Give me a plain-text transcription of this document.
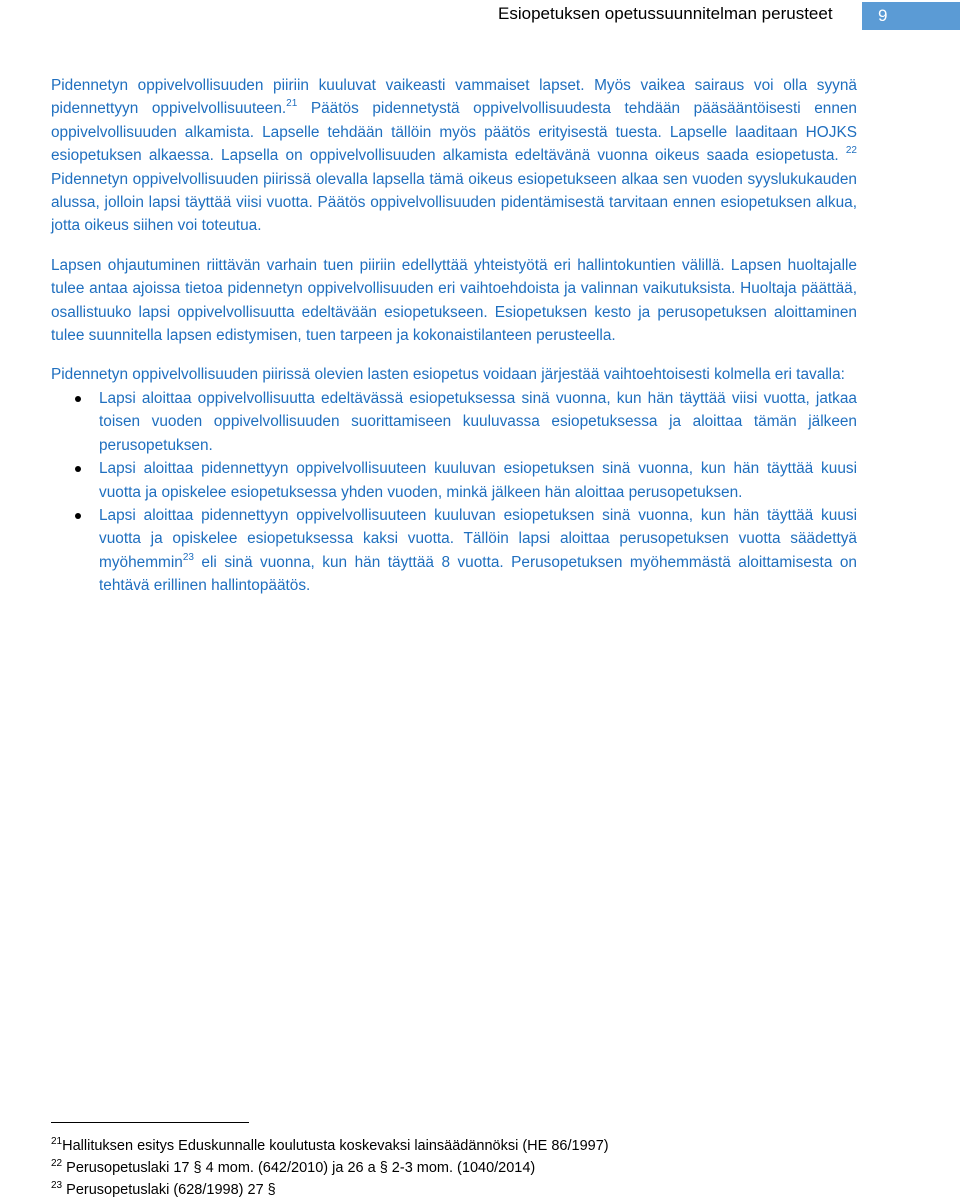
Esiopetuksen opetussuunnitelman perusteet	9

Pidennetyn oppivelvollisuuden piiriin kuuluvat vaikeasti vammaiset lapset. Myös vaikea sairaus voi olla syynä pidennettyyn oppivelvollisuuteen.$^{21}$ Päätös pidennetystä oppivelvollisuudesta tehdään pääsääntöisesti ennen oppivelvollisuuden alkamista. Lapselle tehdään tällöin myös päätös erityisestä tuesta. Lapselle laaditaan HOJKS esiopetuksen alkaessa. Lapsella on oppivelvollisuuden alkamista edeltävänä vuonna oikeus saada esiopetusta. $^{22}$ Pidennetyn oppivelvollisuuden piirissä olevalla lapsella tämä oikeus esiopetukseen alkaa sen vuoden syyslukukauden alussa, jolloin lapsi täyttää viisi vuotta. Päätös oppivelvollisuuden pidentämisestä tarvitaan ennen esiopetuksen alkua, jotta oikeus siihen voi toteutua.

Lapsen ohjautuminen riittävän varhain tuen piiriin edellyttää yhteistyötä eri hallintokuntien välillä. Lapsen huoltajalle tulee antaa ajoissa tietoa pidennetyn oppivelvollisuuden eri vaihtoehdoista ja valinnan vaikutuksista. Huoltaja päättää, osallistuuko lapsi oppivelvollisuutta edeltävään esiopetukseen. Esiopetuksen kesto ja perusopetuksen aloittaminen tulee suunnitella lapsen edistymisen, tuen tarpeen ja kokonaistilanteen perusteella.

Pidennetyn oppivelvollisuuden piirissä olevien lasten esiopetus voidaan järjestää vaihtoehtoisesti kolmella eri tavalla:

Lapsi aloittaa oppivelvollisuutta edeltävässä esiopetuksessa sinä vuonna, kun hän täyttää viisi vuotta, jatkaa toisen vuoden oppivelvollisuuden suorittamiseen kuuluvassa esiopetuksessa ja aloittaa tämän jälkeen perusopetuksen.
Lapsi aloittaa pidennettyyn oppivelvollisuuteen kuuluvan esiopetuksen sinä vuonna, kun hän täyttää kuusi vuotta ja opiskelee esiopetuksessa yhden vuoden, minkä jälkeen hän aloittaa perusopetuksen.
Lapsi aloittaa pidennettyyn oppivelvollisuuteen kuuluvan esiopetuksen sinä vuonna, kun hän täyttää kuusi vuotta ja opiskelee esiopetuksessa kaksi vuotta. Tällöin lapsi aloittaa perusopetuksen vuotta säädettyä myöhemmin$^{23}$ eli sinä vuonna, kun hän täyttää 8 vuotta. Perusopetuksen myöhemmästä aloittamisesta on tehtävä erillinen hallintopäätös.
$^{21}$Hallituksen esitys Eduskunnalle koulutusta koskevaksi lainsäädännöksi (HE 86/1997)
$^{22}$ Perusopetuslaki 17 § 4 mom. (642/2010) ja 26 a § 2-3 mom. (1040/2014)
$^{23}$ Perusopetuslaki (628/1998) 27 §
